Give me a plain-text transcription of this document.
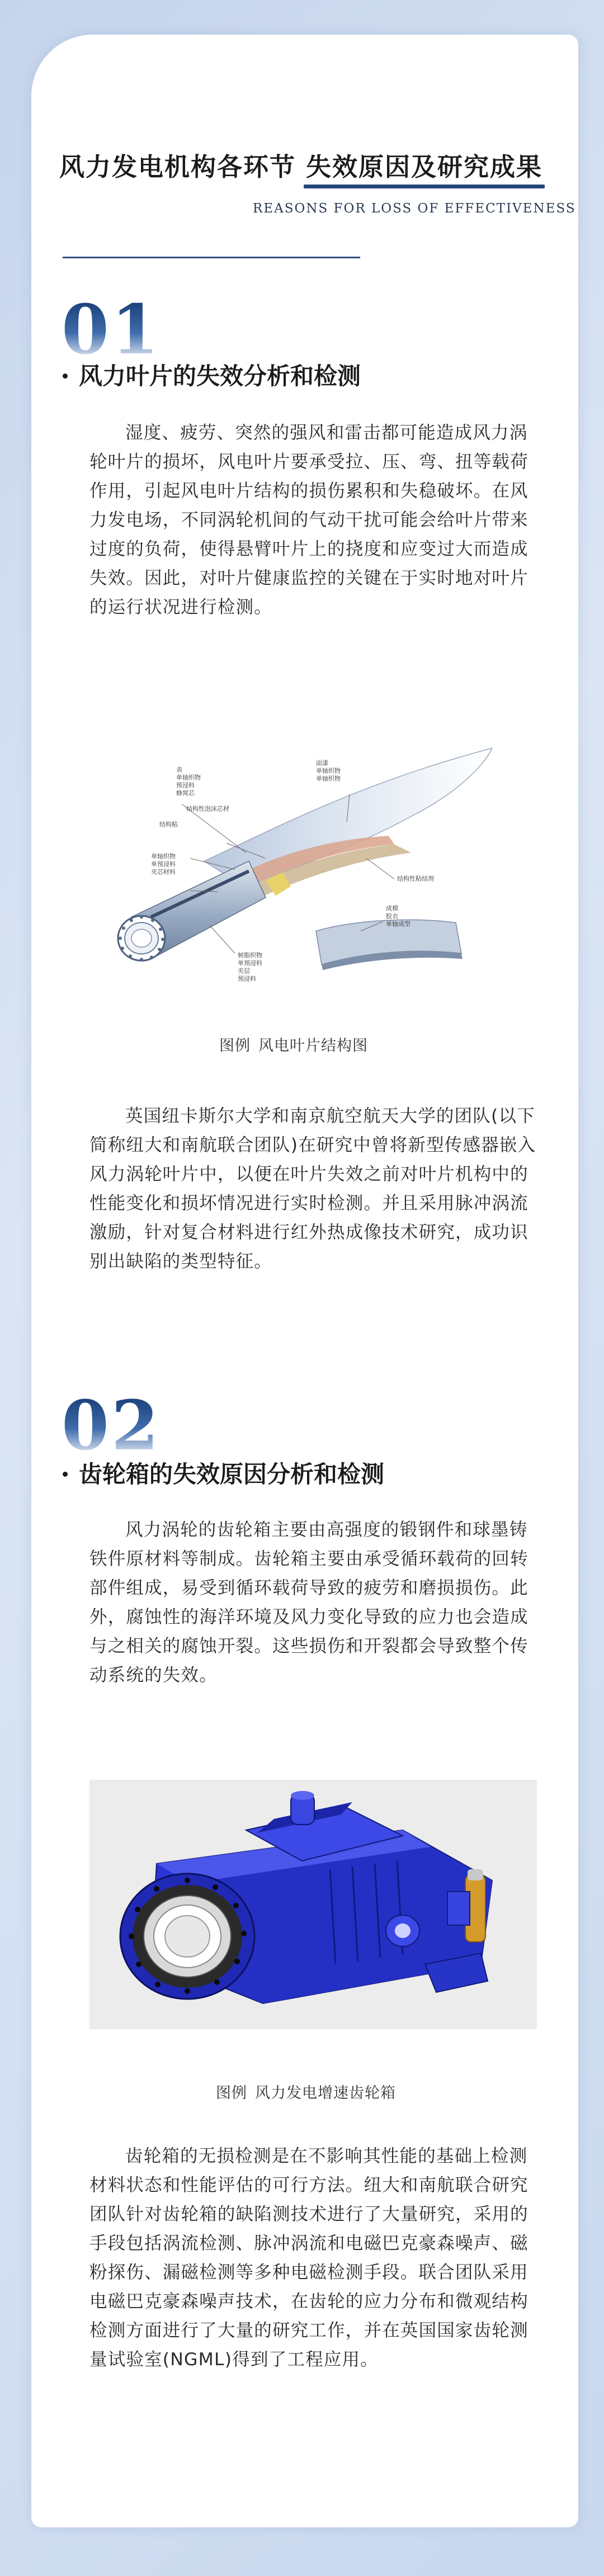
风力发电机构各环节 失效原因及研究成果
REASONS FOR LOSS OF EFFECTIVENESS
01
风力叶片的失效分析和检测
湿度、疲劳、突然的强风和雷击都可能造成风力涡轮叶片的损坏，风电叶片要承受拉、压、弯、扭等载荷作用，引起风电叶片结构的损伤累积和失稳破坏。在风力发电场，不同涡轮机间的气动干扰可能会给叶片带来过度的负荷，使得悬臂叶片上的挠度和应变过大而造成失效。因此，对叶片健康监控的关键在于实时地对叶片的运行状况进行检测。
表单轴织物预浸料蜂窝芯
结构性泡沫芯材
结构粘
单轴织物单预浸料夹芯材料
面漆单轴织物单轴织物
树脂织物单预浸料夹层预浸料
结构性粘结剂
成模胶衣单轴成型
图例 风电叶片结构图
英国纽卡斯尔大学和南京航空航天大学的团队(以下简称纽大和南航联合团队)在研究中曾将新型传感器嵌入风力涡轮叶片中，以便在叶片失效之前对叶片机构中的性能变化和损坏情况进行实时检测。并且采用脉冲涡流激励，针对复合材料进行红外热成像技术研究，成功识别出缺陷的类型特征。
02
齿轮箱的失效原因分析和检测
风力涡轮的齿轮箱主要由高强度的锻钢件和球墨铸铁件原材料等制成。齿轮箱主要由承受循环载荷的回转部件组成，易受到循环载荷导致的疲劳和磨损损伤。此外，腐蚀性的海洋环境及风力变化导致的应力也会造成与之相关的腐蚀开裂。这些损伤和开裂都会导致整个传动系统的失效。
图例 风力发电增速齿轮箱
齿轮箱的无损检测是在不影响其性能的基础上检测材料状态和性能评估的可行方法。纽大和南航联合研究团队针对齿轮箱的缺陷测技术进行了大量研究，采用的手段包括涡流检测、脉冲涡流和电磁巴克豪森噪声、磁粉探伤、漏磁检测等多种电磁检测手段。联合团队采用电磁巴克豪森噪声技术，在齿轮的应力分布和微观结构检测方面进行了大量的研究工作，并在英国国家齿轮测量试验室(NGML)得到了工程应用。
